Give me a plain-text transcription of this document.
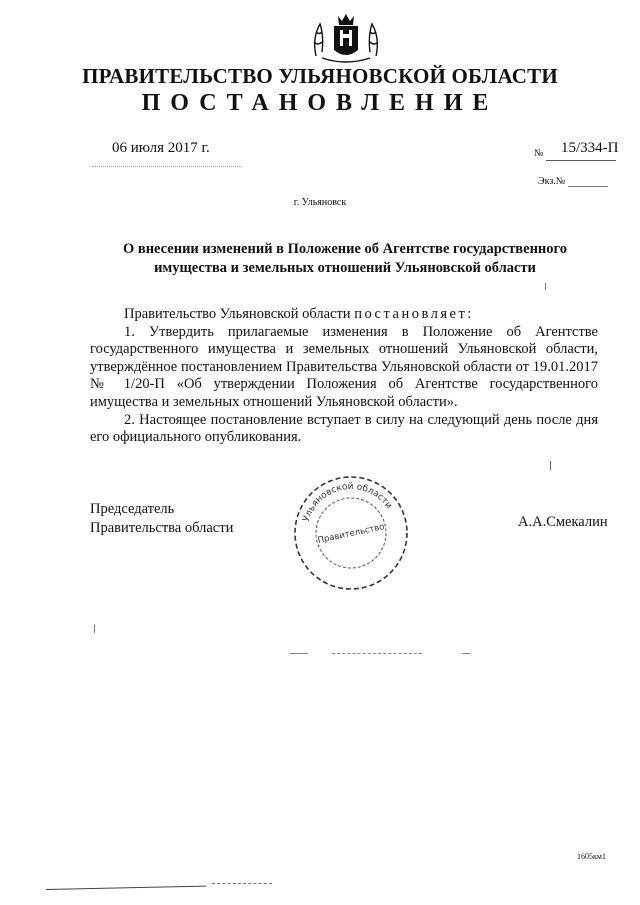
ПРАВИТЕЛЬСТВО УЛЬЯНОВСКОЙ ОБЛАСТИ
ПОСТАНОВЛЕНИЕ
06 июля 2017 г.	№ 15/334-П
Экз.№
г. Ульяновск
О внесении изменений в Положение об Агентстве государственного
имущества и земельных отношений Ульяновской области

Правительство Ульяновской области постановляет:

1. Утвердить прилагаемые изменения в Положение об Агентстве государственного имущества и земельных отношений Ульяновской области, утверждённое постановлением Правительства Ульяновской области от 19.01.2017 № 1/20-П «Об утверждении Положения об Агентстве государственного имущества и земельных отношений Ульяновской области».

2. Настоящее постановление вступает в силу на следующий день после дня его официального опубликования.

Председатель
Правительства области
Ульяновской области
Правительство
А.А.Смекалин
1605км1
